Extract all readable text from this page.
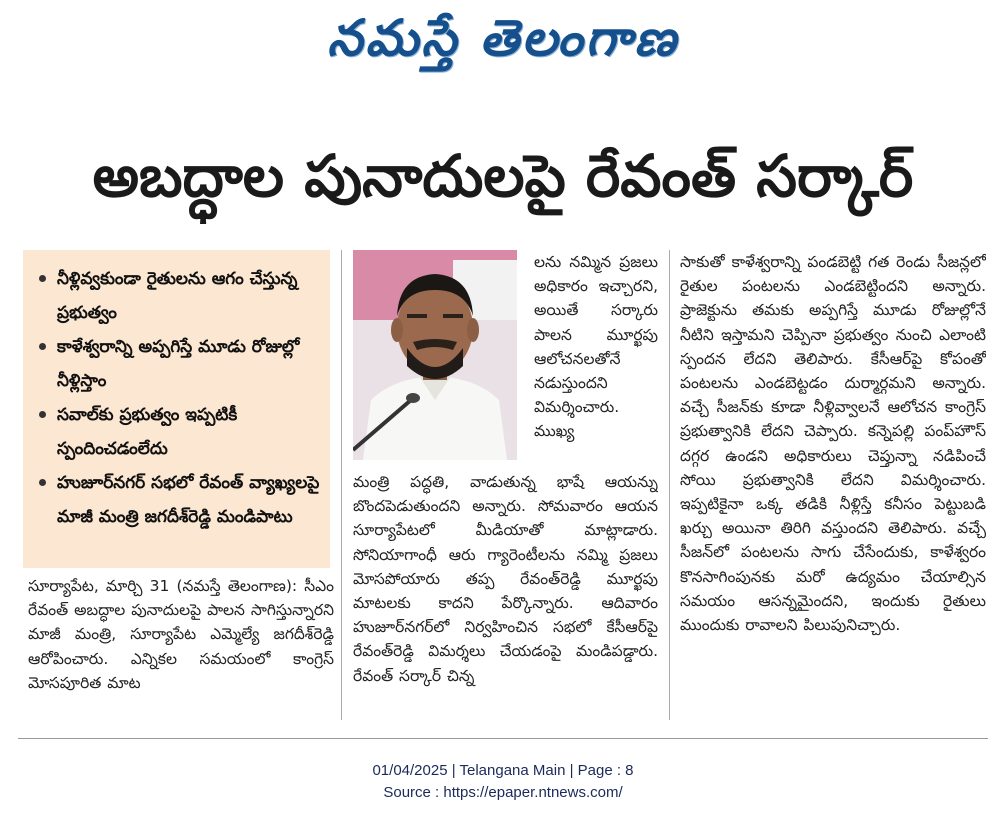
నమస్తే తెలంగాణ
అబద్ధాల పునాదులపై రేవంత్ సర్కార్
నీళ్లివ్వకుండా రైతులను ఆగం చేస్తున్న ప్రభుత్వం
కాళేశ్వరాన్ని అప్పగిస్తే మూడు రోజుల్లో నీళ్లిస్తాం
సవాల్‌కు ప్రభుత్వం ఇప్పటికీ స్పందించడంలేదు
హుజూర్‌నగర్ సభలో రేవంత్ వ్యాఖ్యలపై మాజీ మంత్రి జగదీశ్‌రెడ్డి మండిపాటు
సూర్యాపేట, మార్చి 31 (నమస్తే తెలంగాణ): సీఎం రేవంత్ అబద్ధాల పునాదులపై పాలన సాగిస్తున్నారని మాజీ మంత్రి, సూర్యాపేట ఎమ్మెల్యే జగదీశ్‌రెడ్డి ఆరోపించారు. ఎన్నికల సమయంలో కాంగ్రెస్ మోసపూరిత మాట
లను నమ్మిన ప్రజలు అధికారం ఇచ్చారని, అయితే సర్కారు పాలన మూర్ఖపు ఆలోచనలతోనే నడుస్తుందని విమర్శించారు. ముఖ్య
మంత్రి పద్ధతి, వాడుతున్న భాషే ఆయన్ను బొందపెడుతుందని అన్నారు. సోమవారం ఆయన సూర్యాపేటలో మీడియాతో మాట్లాడారు. సోనియాగాంధీ ఆరు గ్యారెంటీలను నమ్మి ప్రజలు మోసపోయారు తప్ప రేవంత్‌రెడ్డి మూర్ఖపు మాటలకు కాదని పేర్కొన్నారు. ఆదివారం హుజూర్‌నగర్‌లో నిర్వహించిన సభలో కేసీఆర్‌పై రేవంత్‌రెడ్డి విమర్శలు చేయడంపై మండిపడ్డారు. రేవంత్ సర్కార్ చిన్న
సాకుతో కాళేశ్వరాన్ని పండబెట్టి గత రెండు సీజన్లలో రైతుల పంటలను ఎండబెట్టిందని అన్నారు. ప్రాజెక్టును తమకు అప్పగిస్తే మూడు రోజుల్లోనే నీటిని ఇస్తామని చెప్పినా ప్రభుత్వం నుంచి ఎలాంటి స్పందన లేదని తెలిపారు. కేసీఆర్‌పై కోపంతో పంటలను ఎండబెట్టడం దుర్మార్గమని అన్నారు. వచ్చే సీజన్‌కు కూడా నీళ్లివ్వాలనే ఆలోచన కాంగ్రెస్ ప్రభుత్వానికి లేదని చెప్పారు. కన్నెపల్లి పంప్‌హౌస్ దగ్గర ఉండని అధికారులు చెప్తున్నా నడిపించే సోయి ప్రభుత్వానికి లేదని విమర్శించారు. ఇప్పటికైనా ఒక్క తడికి నీళ్లిస్తే కనీసం పెట్టుబడి ఖర్చు అయినా తిరిగి వస్తుందని తెలిపారు. వచ్చే సీజన్‌లో పంటలను సాగు చేసేందుకు, కాళేశ్వరం కొనసాగింపునకు మరో ఉద్యమం చేయాల్సిన సమయం ఆసన్నమైందని, ఇందుకు రైతులు ముందుకు రావాలని పిలుపునిచ్చారు.
01/04/2025 | Telangana Main | Page : 8
Source : https://epaper.ntnews.com/
